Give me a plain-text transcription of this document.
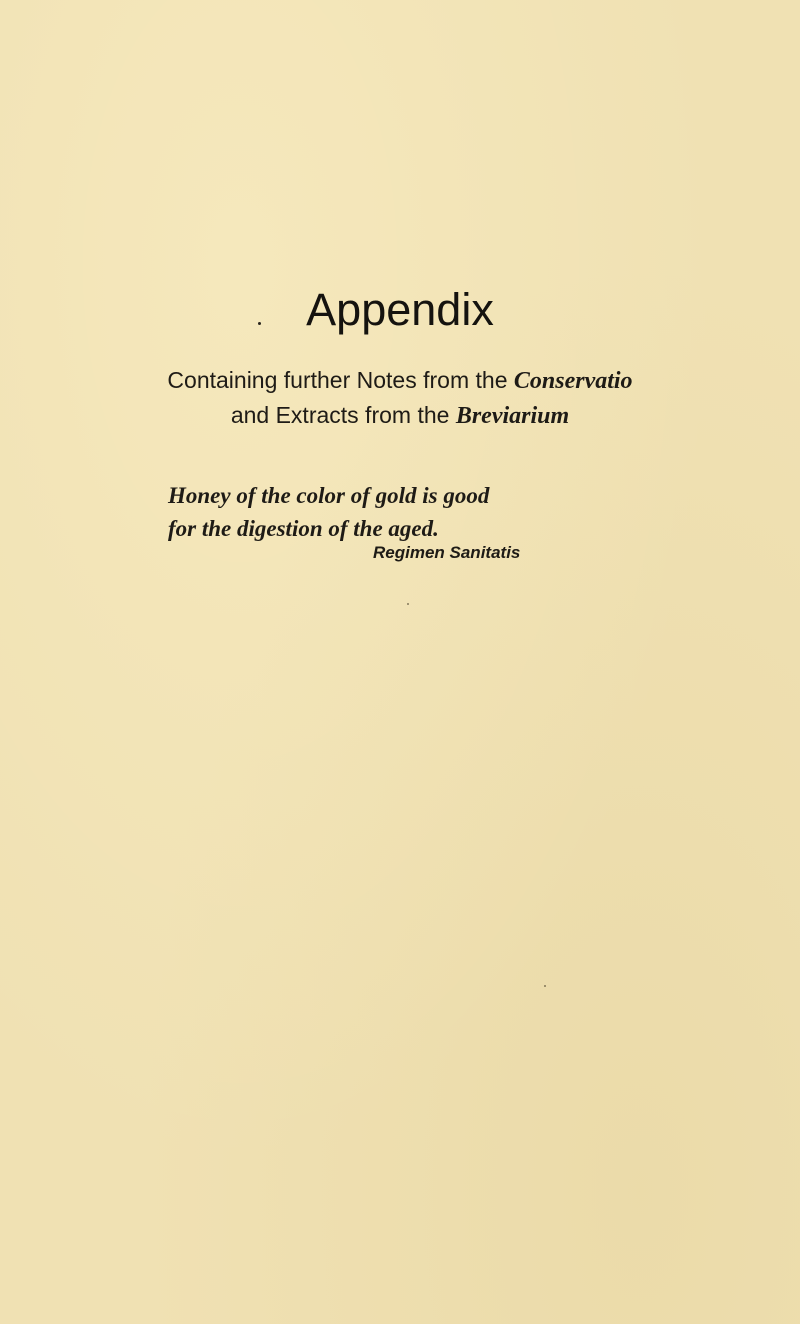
Appendix
Containing further Notes from the Conservatio
and Extracts from the Breviarium
Honey of the color of gold is good
for the digestion of the aged.
Regimen Sanitatis
